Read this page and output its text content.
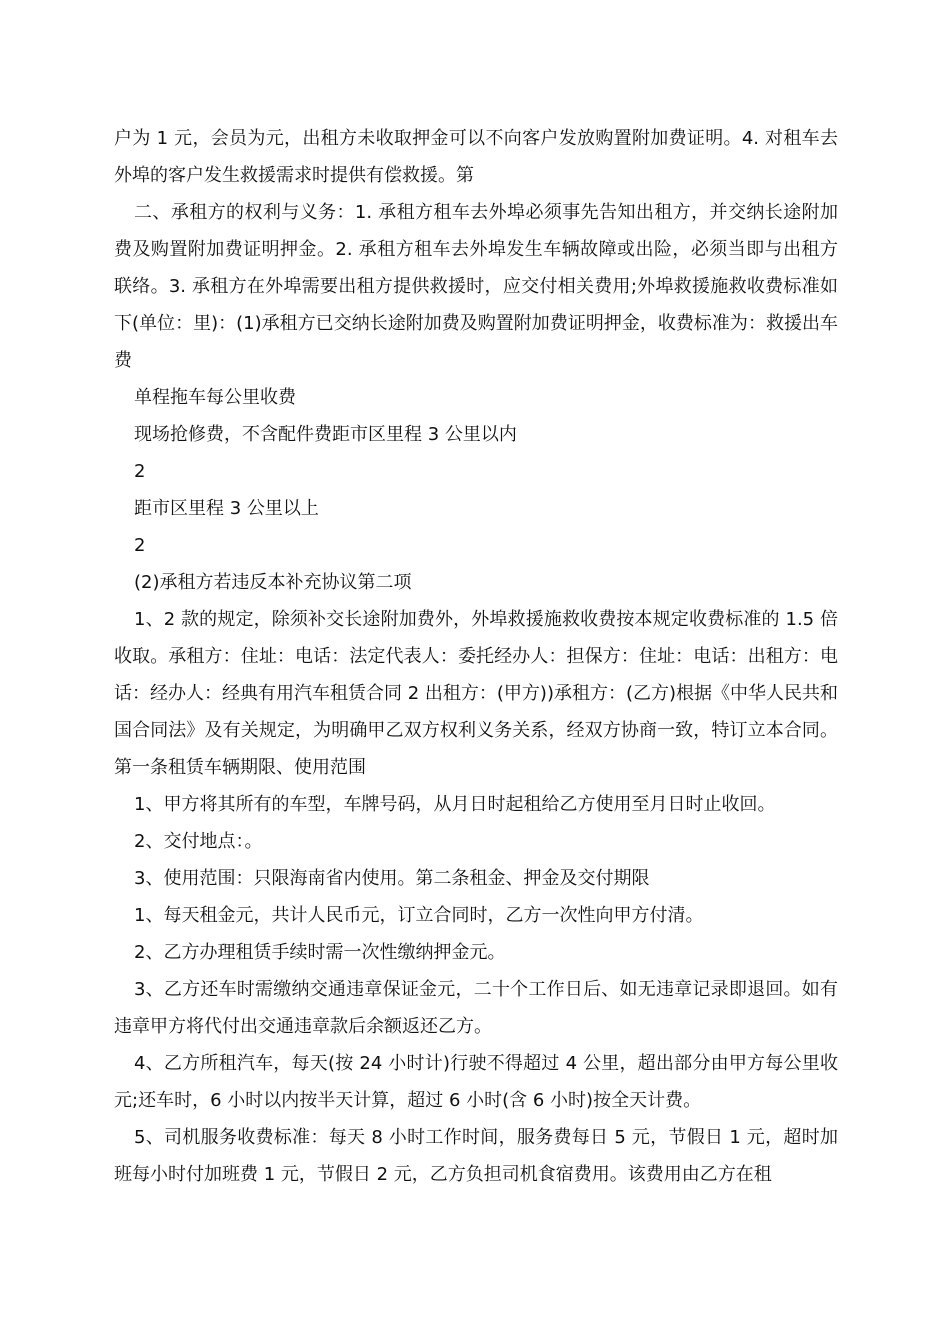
户为 1 元，会员为元，出租方未收取押金可以不向客户发放购置附加费证明。4. 对租车去外埠的客户发生救援需求时提供有偿救援。第

二、承租方的权利与义务：1. 承租方租车去外埠必须事先告知出租方，并交纳长途附加费及购置附加费证明押金。2. 承租方租车去外埠发生车辆故障或出险，必须当即与出租方联络。3. 承租方在外埠需要出租方提供救援时，应交付相关费用;外埠救援施救收费标准如下(单位：里)：(1)承租方已交纳长途附加费及购置附加费证明押金，收费标准为：救援出车费

单程拖车每公里收费

现场抢修费，不含配件费距市区里程 3 公里以内

2

距市区里程 3 公里以上

2

(2)承租方若违反本补充协议第二项

1、2 款的规定，除须补交长途附加费外，外埠救援施救收费按本规定收费标准的 1.5 倍收取。承租方：住址：电话：法定代表人：委托经办人：担保方：住址：电话：出租方：电话：经办人：经典有用汽车租赁合同 2 出租方：(甲方))承租方：(乙方)根据《中华人民共和国合同法》及有关规定，为明确甲乙双方权利义务关系，经双方协商一致，特订立本合同。第一条租赁车辆期限、使用范围

1、甲方将其所有的车型，车牌号码，从月日时起租给乙方使用至月日时止收回。

2、交付地点：。

3、使用范围：只限海南省内使用。第二条租金、押金及交付期限

1、每天租金元，共计人民币元，订立合同时，乙方一次性向甲方付清。

2、乙方办理租赁手续时需一次性缴纳押金元。

3、乙方还车时需缴纳交通违章保证金元，二十个工作日后、如无违章记录即退回。如有违章甲方将代付出交通违章款后余额返还乙方。

4、乙方所租汽车，每天(按 24 小时计)行驶不得超过 4 公里，超出部分由甲方每公里收元;还车时，6 小时以内按半天计算，超过 6 小时(含 6 小时)按全天计费。

5、司机服务收费标准：每天 8 小时工作时间，服务费每日 5 元，节假日 1 元，超时加班每小时付加班费 1 元，节假日 2 元，乙方负担司机食宿费用。该费用由乙方在租
